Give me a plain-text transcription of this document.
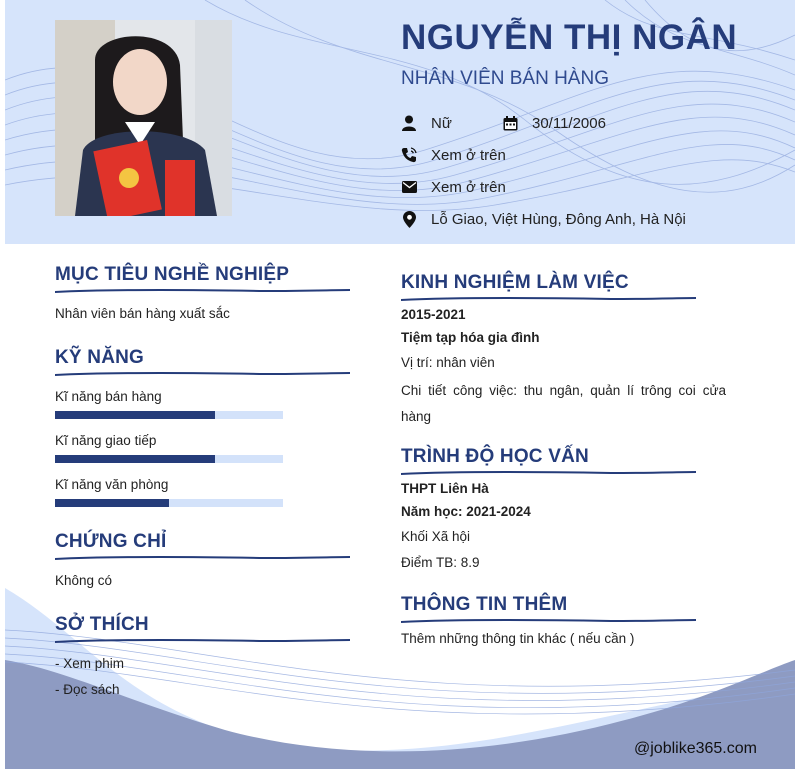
NGUYỄN THỊ NGÂN
NHÂN VIÊN BÁN HÀNG
Nữ	30/11/2006
Xem ở trên
Xem ở trên
Lỗ Giao, Việt Hùng, Đông Anh, Hà Nội
MỤC TIÊU NGHỀ NGHIỆP
Nhân viên bán hàng xuất sắc
KỸ NĂNG
Kĩ năng bán hàng
Kĩ năng giao tiếp
Kĩ năng văn phòng
CHỨNG CHỈ
Không có
SỞ THÍCH
- Xem phim
- Đọc sách
KINH NGHIỆM LÀM VIỆC
2015-2021
Tiệm tạp hóa gia đình
Vị trí: nhân viên
Chi tiết công việc: thu ngân, quản lí trông coi cửa hàng
TRÌNH ĐỘ HỌC VẤN
THPT Liên Hà
Năm học: 2021-2024
Khối Xã hội
Điểm TB: 8.9
THÔNG TIN THÊM
Thêm những thông tin khác ( nếu cần )
@joblike365.com
